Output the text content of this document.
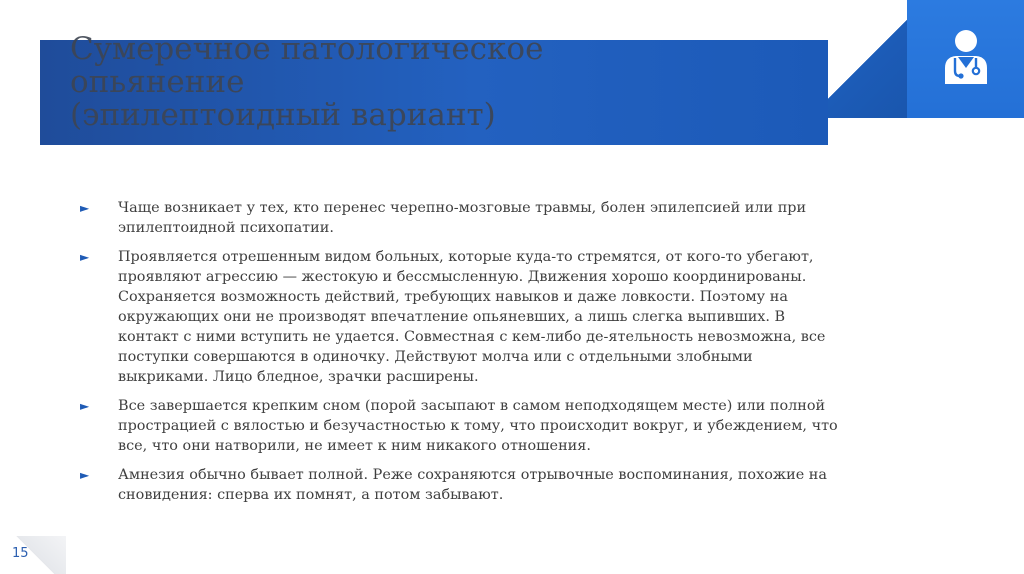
Сумеречное патологическое
опьянение
(эпилептоидный вариант)
► Чаще возникает у тех, кто перенес черепно-мозговые травмы, болен эпилепсией или при эпилептоидной психопатии.
► Проявляется отрешенным видом больных, которые куда-то стремятся, от кого-то убегают, проявляют агрессию — жестокую и бессмысленную. Движения хорошо координированы. Сохраняется возможность действий, требующих навыков и даже ловкости. Поэтому на окружающих они не производят впечатление опьяневших, а лишь слегка выпивших. В контакт с ними вступить не удается. Совместная с кем-либо де-ятельность невозможна, все поступки совершаются в одиночку. Действуют молча или с отдельными злобными выкриками. Лицо бледное, зрачки расширены.
► Все завершается крепким сном (порой засыпают в самом неподходящем месте) или полной прострацией с вялостью и безучастностью к тому, что происходит вокруг, и убеждением, что все, что они натворили, не имеет к ним никакого отношения.
► Амнезия обычно бывает полной. Реже сохраняются отрывочные воспоминания, похожие на сновидения: сперва их помнят, а потом забывают.
15
